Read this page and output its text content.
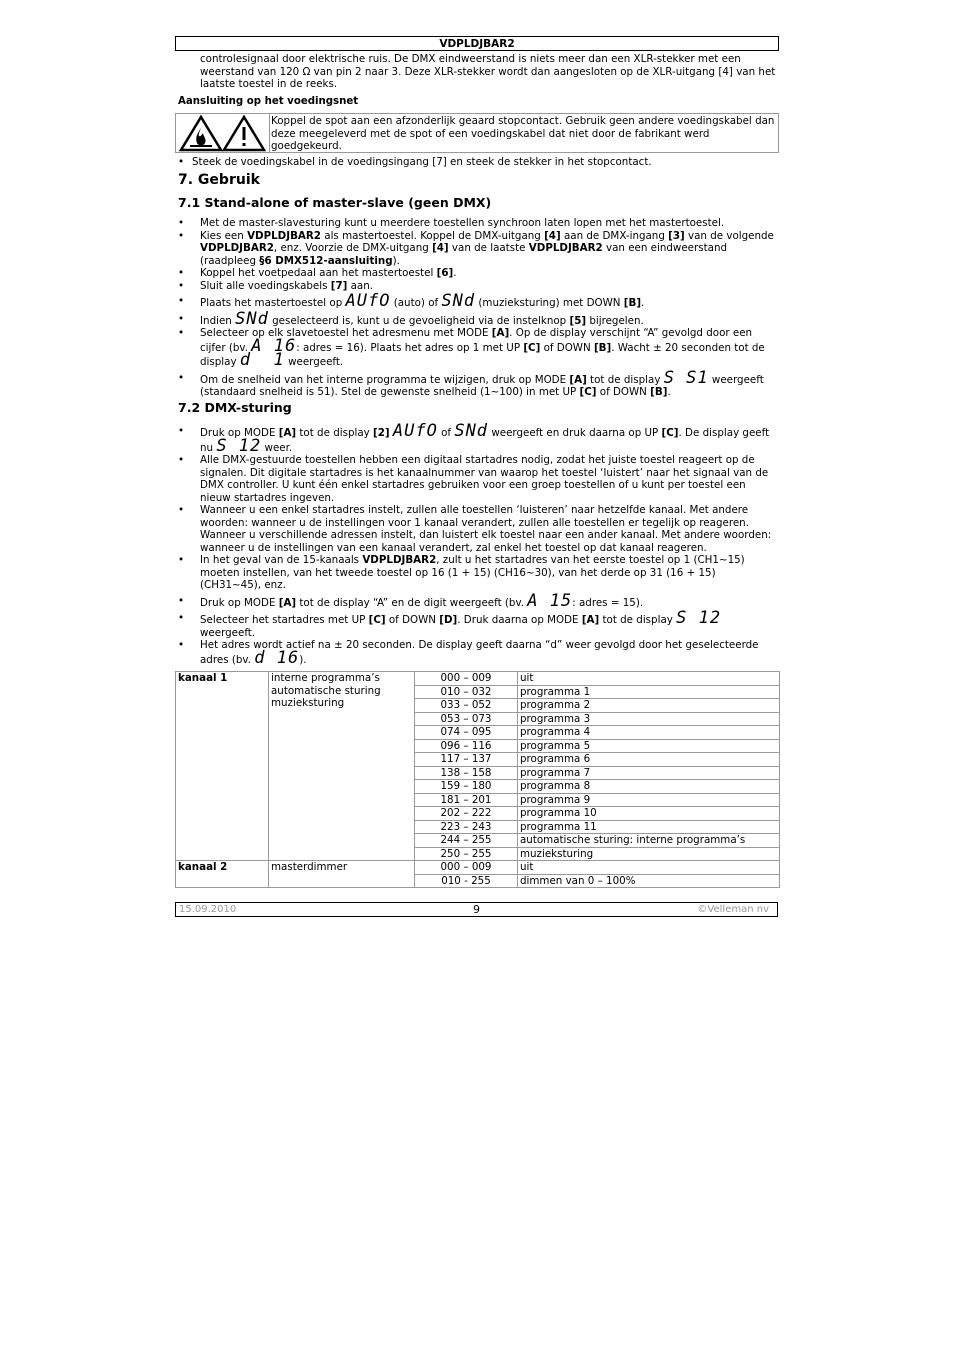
VDPLDJBAR2
controlesignaal door elektrische ruis. De DMX eindweerstand is niets meer dan een XLR-stekker met een weerstand van 120 Ω van pin 2 naar 3. Deze XLR-stekker wordt dan aangesloten op de XLR-uitgang [4] van het laatste toestel in de reeks.
Aansluiting op het voedingsnet
Koppel de spot aan een afzonderlijk geaard stopcontact. Gebruik geen andere voedingskabel dan deze meegeleverd met de spot of een voedingskabel dat niet door de fabrikant werd goedgekeurd.
• Steek de voedingskabel in de voedingsingang [7] en steek de stekker in het stopcontact.
7. Gebruik
7.1 Stand-alone of master-slave (geen DMX)
• Met de master-slavesturing kunt u meerdere toestellen synchroon laten lopen met het mastertoestel.
• Kies een VDPLDJBAR2 als mastertoestel. Koppel de DMX-uitgang [4] aan de DMX-ingang [3] van de volgende VDPLDJBAR2, enz. Voorzie de DMX-uitgang [4] van de laatste VDPLDJBAR2 van een eindweerstand (raadpleeg §6 DMX512-aansluiting).
• Koppel het voetpedaal aan het mastertoestel [6].
• Sluit alle voedingskabels [7] aan.
• Plaats het mastertoestel op AUfO (auto) of SNd (muzieksturing) met DOWN [B].
• Indien SNd geselecteerd is, kunt u de gevoeligheid via de instelknop [5] bijregelen.
• Selecteer op elk slavetoestel het adresmenu met MODE [A]. Op de display verschijnt “A” gevolgd door een cijfer (bv. A 16: adres = 16). Plaats het adres op 1 met UP [C] of DOWN [B]. Wacht ± 20 seconden tot de display d  1 weergeeft.
• Om de snelheid van het interne programma te wijzigen, druk op MODE [A] tot de display S S1 weergeeft (standaard snelheid is 51). Stel de gewenste snelheid (1~100) in met UP [C] of DOWN [B].
7.2 DMX-sturing
• Druk op MODE [A] tot de display [2] AUfO of SNd weergeeft en druk daarna op UP [C]. De display geeft nu S 12 weer.
• Alle DMX-gestuurde toestellen hebben een digitaal startadres nodig, zodat het juiste toestel reageert op de signalen. Dit digitale startadres is het kanaalnummer van waarop het toestel ‘luistert’ naar het signaal van de DMX controller. U kunt één enkel startadres gebruiken voor een groep toestellen of u kunt per toestel een nieuw startadres ingeven.
• Wanneer u een enkel startadres instelt, zullen alle toestellen ‘luisteren’ naar hetzelfde kanaal. Met andere woorden: wanneer u de instellingen voor 1 kanaal verandert, zullen alle toestellen er tegelijk op reageren. Wanneer u verschillende adressen instelt, dan luistert elk toestel naar een ander kanaal. Met andere woorden: wanneer u de instellingen van een kanaal verandert, zal enkel het toestel op dat kanaal reageren.
• In het geval van de 15-kanaals VDPLDJBAR2, zult u het startadres van het eerste toestel op 1 (CH1~15) moeten instellen, van het tweede toestel op 16 (1 + 15) (CH16~30), van het derde op 31 (16 + 15) (CH31~45), enz.
• Druk op MODE [A] tot de display “A” en de digit weergeeft (bv. A 15: adres = 15).
• Selecteer het startadres met UP [C] of DOWN [D]. Druk daarna op MODE [A] tot de display S 12 weergeeft.
• Het adres wordt actief na ± 20 seconden. De display geeft daarna “d” weer gevolgd door het geselecteerde adres (bv. d 16).
kanaal 1	interne programma’s
automatische sturing
muzieksturing	000 – 009	uit
		010 – 032	programma 1
		033 – 052	programma 2
		053 – 073	programma 3
		074 – 095	programma 4
		096 – 116	programma 5
		117 – 137	programma 6
		138 – 158	programma 7
		159 – 180	programma 8
		181 – 201	programma 9
		202 – 222	programma 10
		223 – 243	programma 11
		244 – 255	automatische sturing: interne programma’s
		250 – 255	muzieksturing
kanaal 2	masterdimmer	000 – 009	uit
		010 - 255	dimmen van 0 – 100%
15.09.2010	9	©Velleman nv
